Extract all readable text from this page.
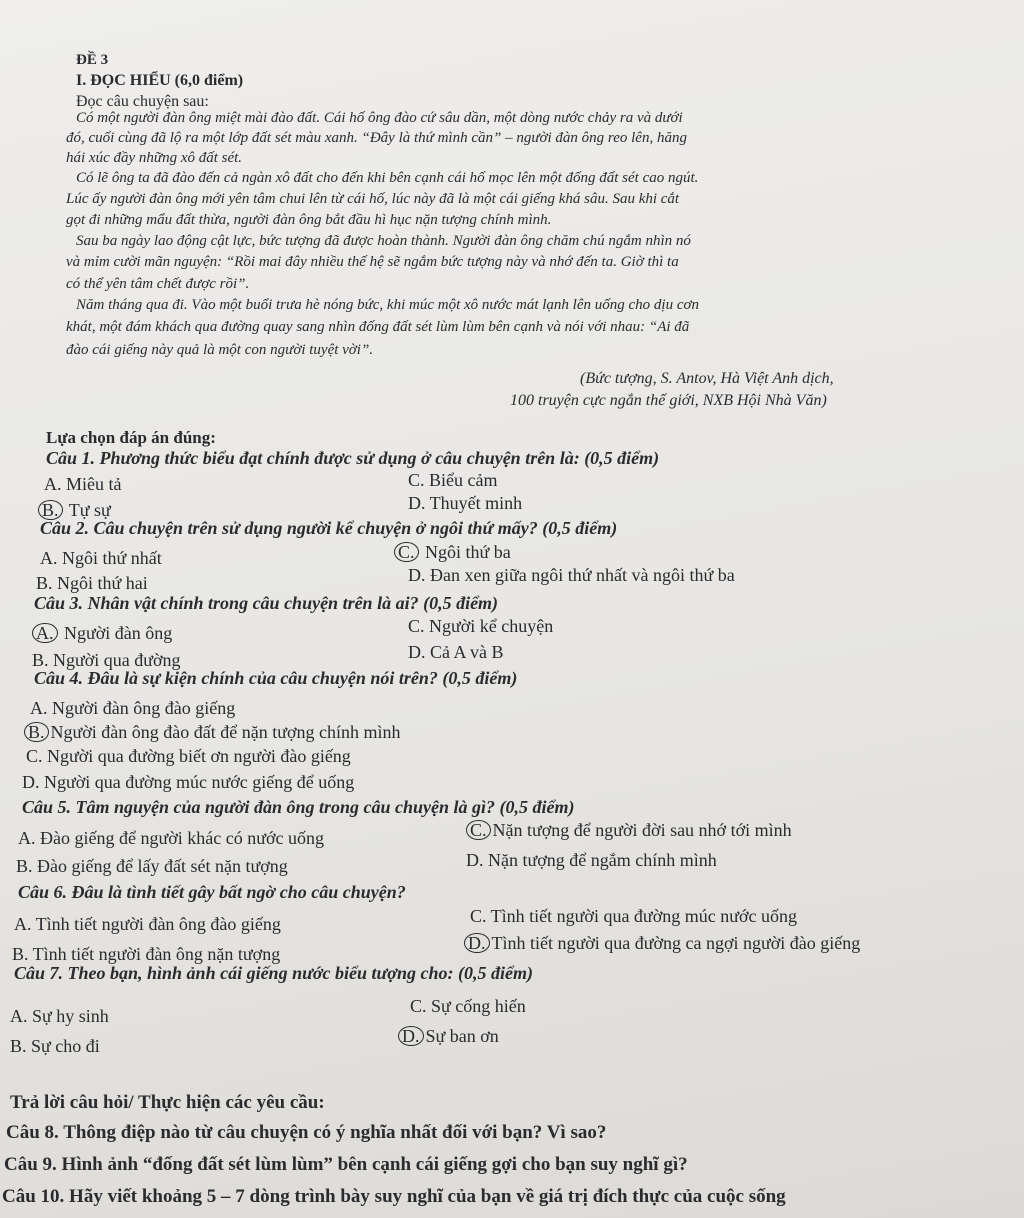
ĐỀ 3
I. ĐỌC HIỂU (6,0 điểm)
Đọc câu chuyện sau:
Có một người đàn ông miệt mài đào đất. Cái hố ông đào cứ sâu dần, một dòng nước chảy ra và dưới
đó, cuối cùng đã lộ ra một lớp đất sét màu xanh. “Đây là thứ mình cần” – người đàn ông reo lên, hăng
hái xúc đầy những xô đất sét.
Có lẽ ông ta đã đào đến cả ngàn xô đất cho đến khi bên cạnh cái hố mọc lên một đống đất sét cao ngút.
Lúc ấy người đàn ông mới yên tâm chui lên từ cái hố, lúc này đã là một cái giếng khá sâu. Sau khi cắt
gọt đi những mẩu đất thừa, người đàn ông bắt đầu hì hục nặn tượng chính mình.
Sau ba ngày lao động cật lực, bức tượng đã được hoàn thành. Người đàn ông chăm chú ngắm nhìn nó
và mỉm cười mãn nguyện: “Rồi mai đây nhiều thế hệ sẽ ngắm bức tượng này và nhớ đến ta. Giờ thì ta
có thể yên tâm chết được rồi”.
Năm tháng qua đi. Vào một buổi trưa hè nóng bức, khi múc một xô nước mát lạnh lên uống cho dịu cơn
khát, một đám khách qua đường quay sang nhìn đống đất sét lùm lùm bên cạnh và nói với nhau: “Ai đã
đào cái giếng này quả là một con người tuyệt vời”.
(Bức tượng, S. Antov, Hà Việt Anh dịch,
100 truyện cực ngắn thế giới, NXB Hội Nhà Văn)
Lựa chọn đáp án đúng:
Câu 1. Phương thức biểu đạt chính được sử dụng ở câu chuyện trên là: (0,5 điểm)
A. Miêu tả
B. Tự sự
C. Biểu cảm
D. Thuyết minh
Câu 2. Câu chuyện trên sử dụng người kể chuyện ở ngôi thứ mấy? (0,5 điểm)
A. Ngôi thứ nhất
B. Ngôi thứ hai
C. Ngôi thứ ba
D. Đan xen giữa ngôi thứ nhất và ngôi thứ ba
Câu 3. Nhân vật chính trong câu chuyện trên là ai? (0,5 điểm)
A. Người đàn ông
B. Người qua đường
C. Người kể chuyện
D. Cả A và B
Câu 4. Đâu là sự kiện chính của câu chuyện nói trên? (0,5 điểm)
A. Người đàn ông đào giếng
B. Người đàn ông đào đất để nặn tượng chính mình
C. Người qua đường biết ơn người đào giếng
D. Người qua đường múc nước giếng để uống
Câu 5. Tâm nguyện của người đàn ông trong câu chuyện là gì? (0,5 điểm)
A. Đào giếng để người khác có nước uống
B. Đào giếng để lấy đất sét nặn tượng
C. Nặn tượng để người đời sau nhớ tới mình
D. Nặn tượng để ngắm chính mình
Câu 6. Đâu là tình tiết gây bất ngờ cho câu chuyện?
A. Tình tiết người đàn ông đào giếng
B. Tình tiết người đàn ông nặn tượng
C. Tình tiết người qua đường múc nước uống
D. Tình tiết người qua đường ca ngợi người đào giếng
Câu 7. Theo bạn, hình ảnh cái giếng nước biểu tượng cho: (0,5 điểm)
A. Sự hy sinh
B. Sự cho đi
C. Sự cống hiến
D. Sự ban ơn
Trả lời câu hỏi/ Thực hiện các yêu cầu:
Câu 8. Thông điệp nào từ câu chuyện có ý nghĩa nhất đối với bạn? Vì sao?
Câu 9. Hình ảnh “đống đất sét lùm lùm” bên cạnh cái giếng gợi cho bạn suy nghĩ gì?
Câu 10. Hãy viết khoảng 5 – 7 dòng trình bày suy nghĩ của bạn về giá trị đích thực của cuộc sống
